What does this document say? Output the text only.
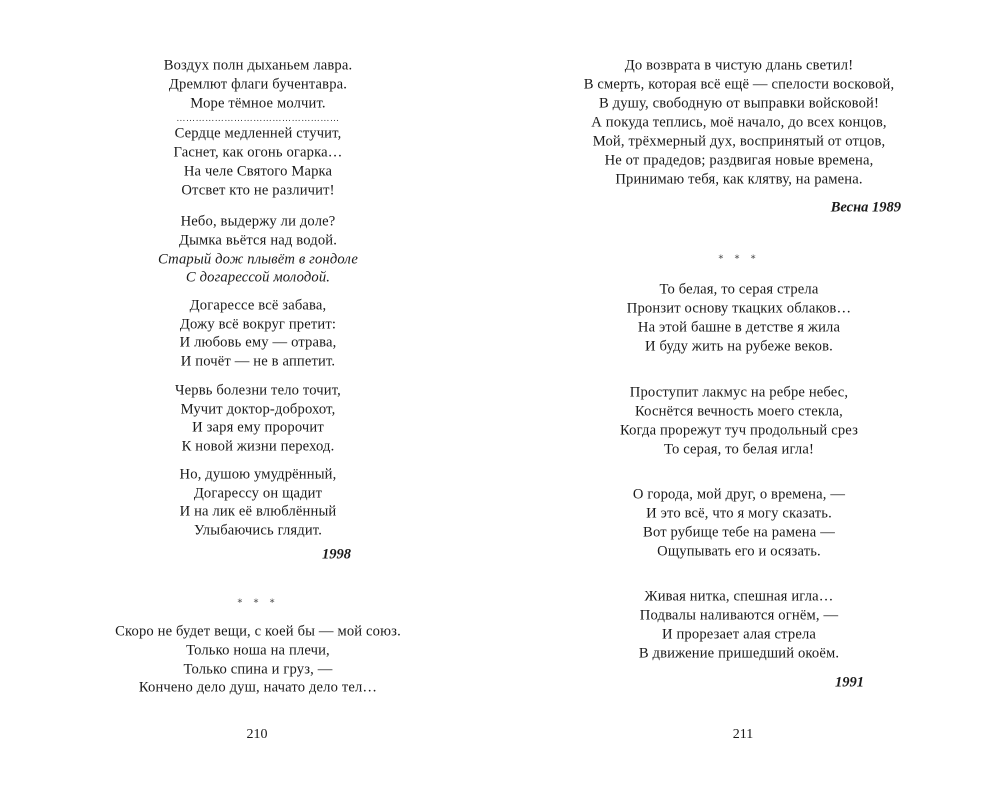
Воздух полн дыханьем лавра.
Дремлют флаги бучентавра.
Море тёмное молчит.
……………………………………………
Сердце медленней стучит,
Гаснет, как огонь огарка…
На челе Святого Марка
Отсвет кто не различит!
Небо, выдержу ли доле?
Дымка вьётся над водой.
Старый дож плывёт в гондоле
С догарессой молодой.
Догарессе всё забава,
Дожу всё вокруг претит:
И любовь ему — отрава,
И почёт — не в аппетит.
Червь болезни тело точит,
Мучит доктор-доброхот,
И заря ему пророчит
К новой жизни переход.
Но, душою умудрённый,
Догарессу он щадит
И на лик её влюблённый
Улыбаючись глядит.
1998
* * *
Скоро не будет вещи, с коей бы — мой союз.
Только ноша на плечи,
Только спина и груз, —
Кончено дело душ, начато дело тел…
210
До возврата в чистую длань светил!
В смерть, которая всё ещё — спелости восковой,
В душу, свободную от выправки войсковой!
А покуда теплись, моё начало, до всех концов,
Мой, трёхмерный дух, воспринятый от отцов,
Не от прадедов; раздвигая новые времена,
Принимаю тебя, как клятву, на рамена.
Весна 1989
* * *
То белая, то серая стрела
Пронзит основу ткацких облаков…
На этой башне в детстве я жила
И буду жить на рубеже веков.
Проступит лакмус на ребре небес,
Коснётся вечность моего стекла,
Когда прорежут туч продольный срез
То серая, то белая игла!
О города, мой друг, о времена, —
И это всё, что я могу сказать.
Вот рубище тебе на рамена —
Ощупывать его и осязать.
Живая нитка, спешная игла…
Подвалы наливаются огнём, —
И прорезает алая стрела
В движение пришедший окоём.
1991
211
